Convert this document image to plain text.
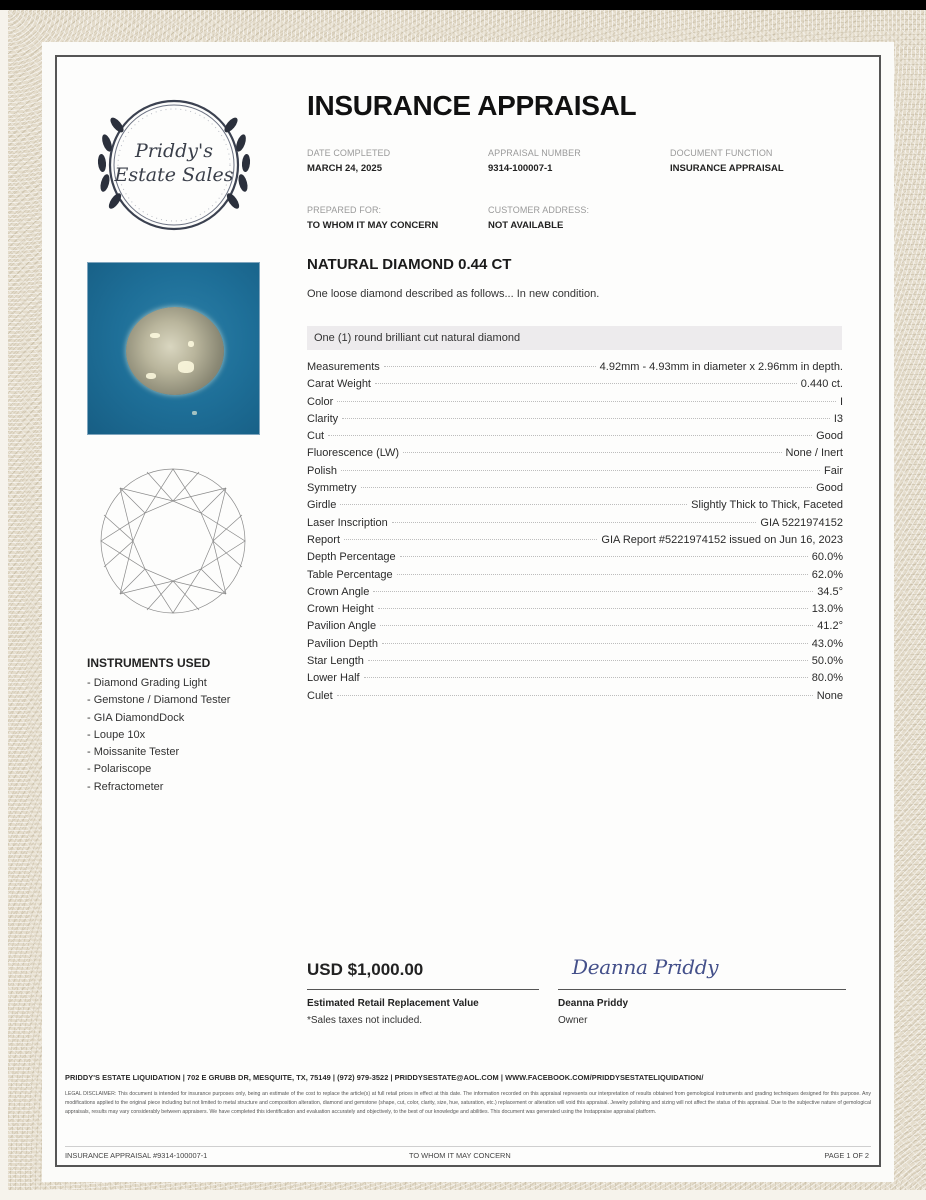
Priddy's
Estate Sales
INSTRUMENTS USED
- Diamond Grading Light
- Gemstone / Diamond Tester
- GIA DiamondDock
- Loupe 10x
- Moissanite Tester
- Polariscope
- Refractometer
INSURANCE APPRAISAL
DATE COMPLETED
MARCH 24, 2025
APPRAISAL NUMBER
9314-100007-1
DOCUMENT FUNCTION
INSURANCE APPRAISAL
PREPARED FOR:
TO WHOM IT MAY CONCERN
CUSTOMER ADDRESS:
NOT AVAILABLE
NATURAL DIAMOND 0.44 CT
One loose diamond described as follows... In new condition.
One (1) round brilliant cut natural diamond
Measurements	4.92mm - 4.93mm in diameter x 2.96mm in depth.
Carat Weight	0.440 ct.
Color	I
Clarity	I3
Cut	Good
Fluorescence (LW)	None / Inert
Polish	Fair
Symmetry	Good
Girdle	Slightly Thick to Thick, Faceted
Laser Inscription	GIA 5221974152
Report	GIA Report #5221974152 issued on Jun 16, 2023
Depth Percentage	60.0%
Table Percentage	62.0%
Crown Angle	34.5°
Crown Height	13.0%
Pavilion Angle	41.2°
Pavilion Depth	43.0%
Star Length	50.0%
Lower Half	80.0%
Culet	None
USD $1,000.00
Estimated Retail Replacement Value
*Sales taxes not included.
Deanna Priddy
Deanna Priddy
Owner
PRIDDY'S ESTATE LIQUIDATION | 702 E GRUBB DR, MESQUITE, TX, 75149 | (972) 979-3522 | PRIDDYSESTATE@AOL.COM | WWW.FACEBOOK.COM/PRIDDYSESTATELIQUIDATION/
LEGAL DISCLAIMER: This document is intended for insurance purposes only, being an estimate of the cost to replace the article(s) at full retail prices in effect at this date. The information recorded on this appraisal represents our interpretation of results obtained from gemological instruments and grading techniques designed for this purpose. Any modifications applied to the original piece including but not limited to metal structure and composition alteration, diamond and gemstone (shape, cut, color, clarity, size, hue, saturation, etc.) replacement or alteration will void this appraisal. Jewelry polishing and sizing will not affect the status of this appraisal. Due to the subjective nature of gemological appraisals, results may vary considerably between appraisers. We have completed this identification and evaluation accurately and objectively, to the best of our knowledge and abilities. This document was generated using the Instappraise appraisal platform.
INSURANCE APPRAISAL #9314-100007-1	TO WHOM IT MAY CONCERN	PAGE 1 OF 2
